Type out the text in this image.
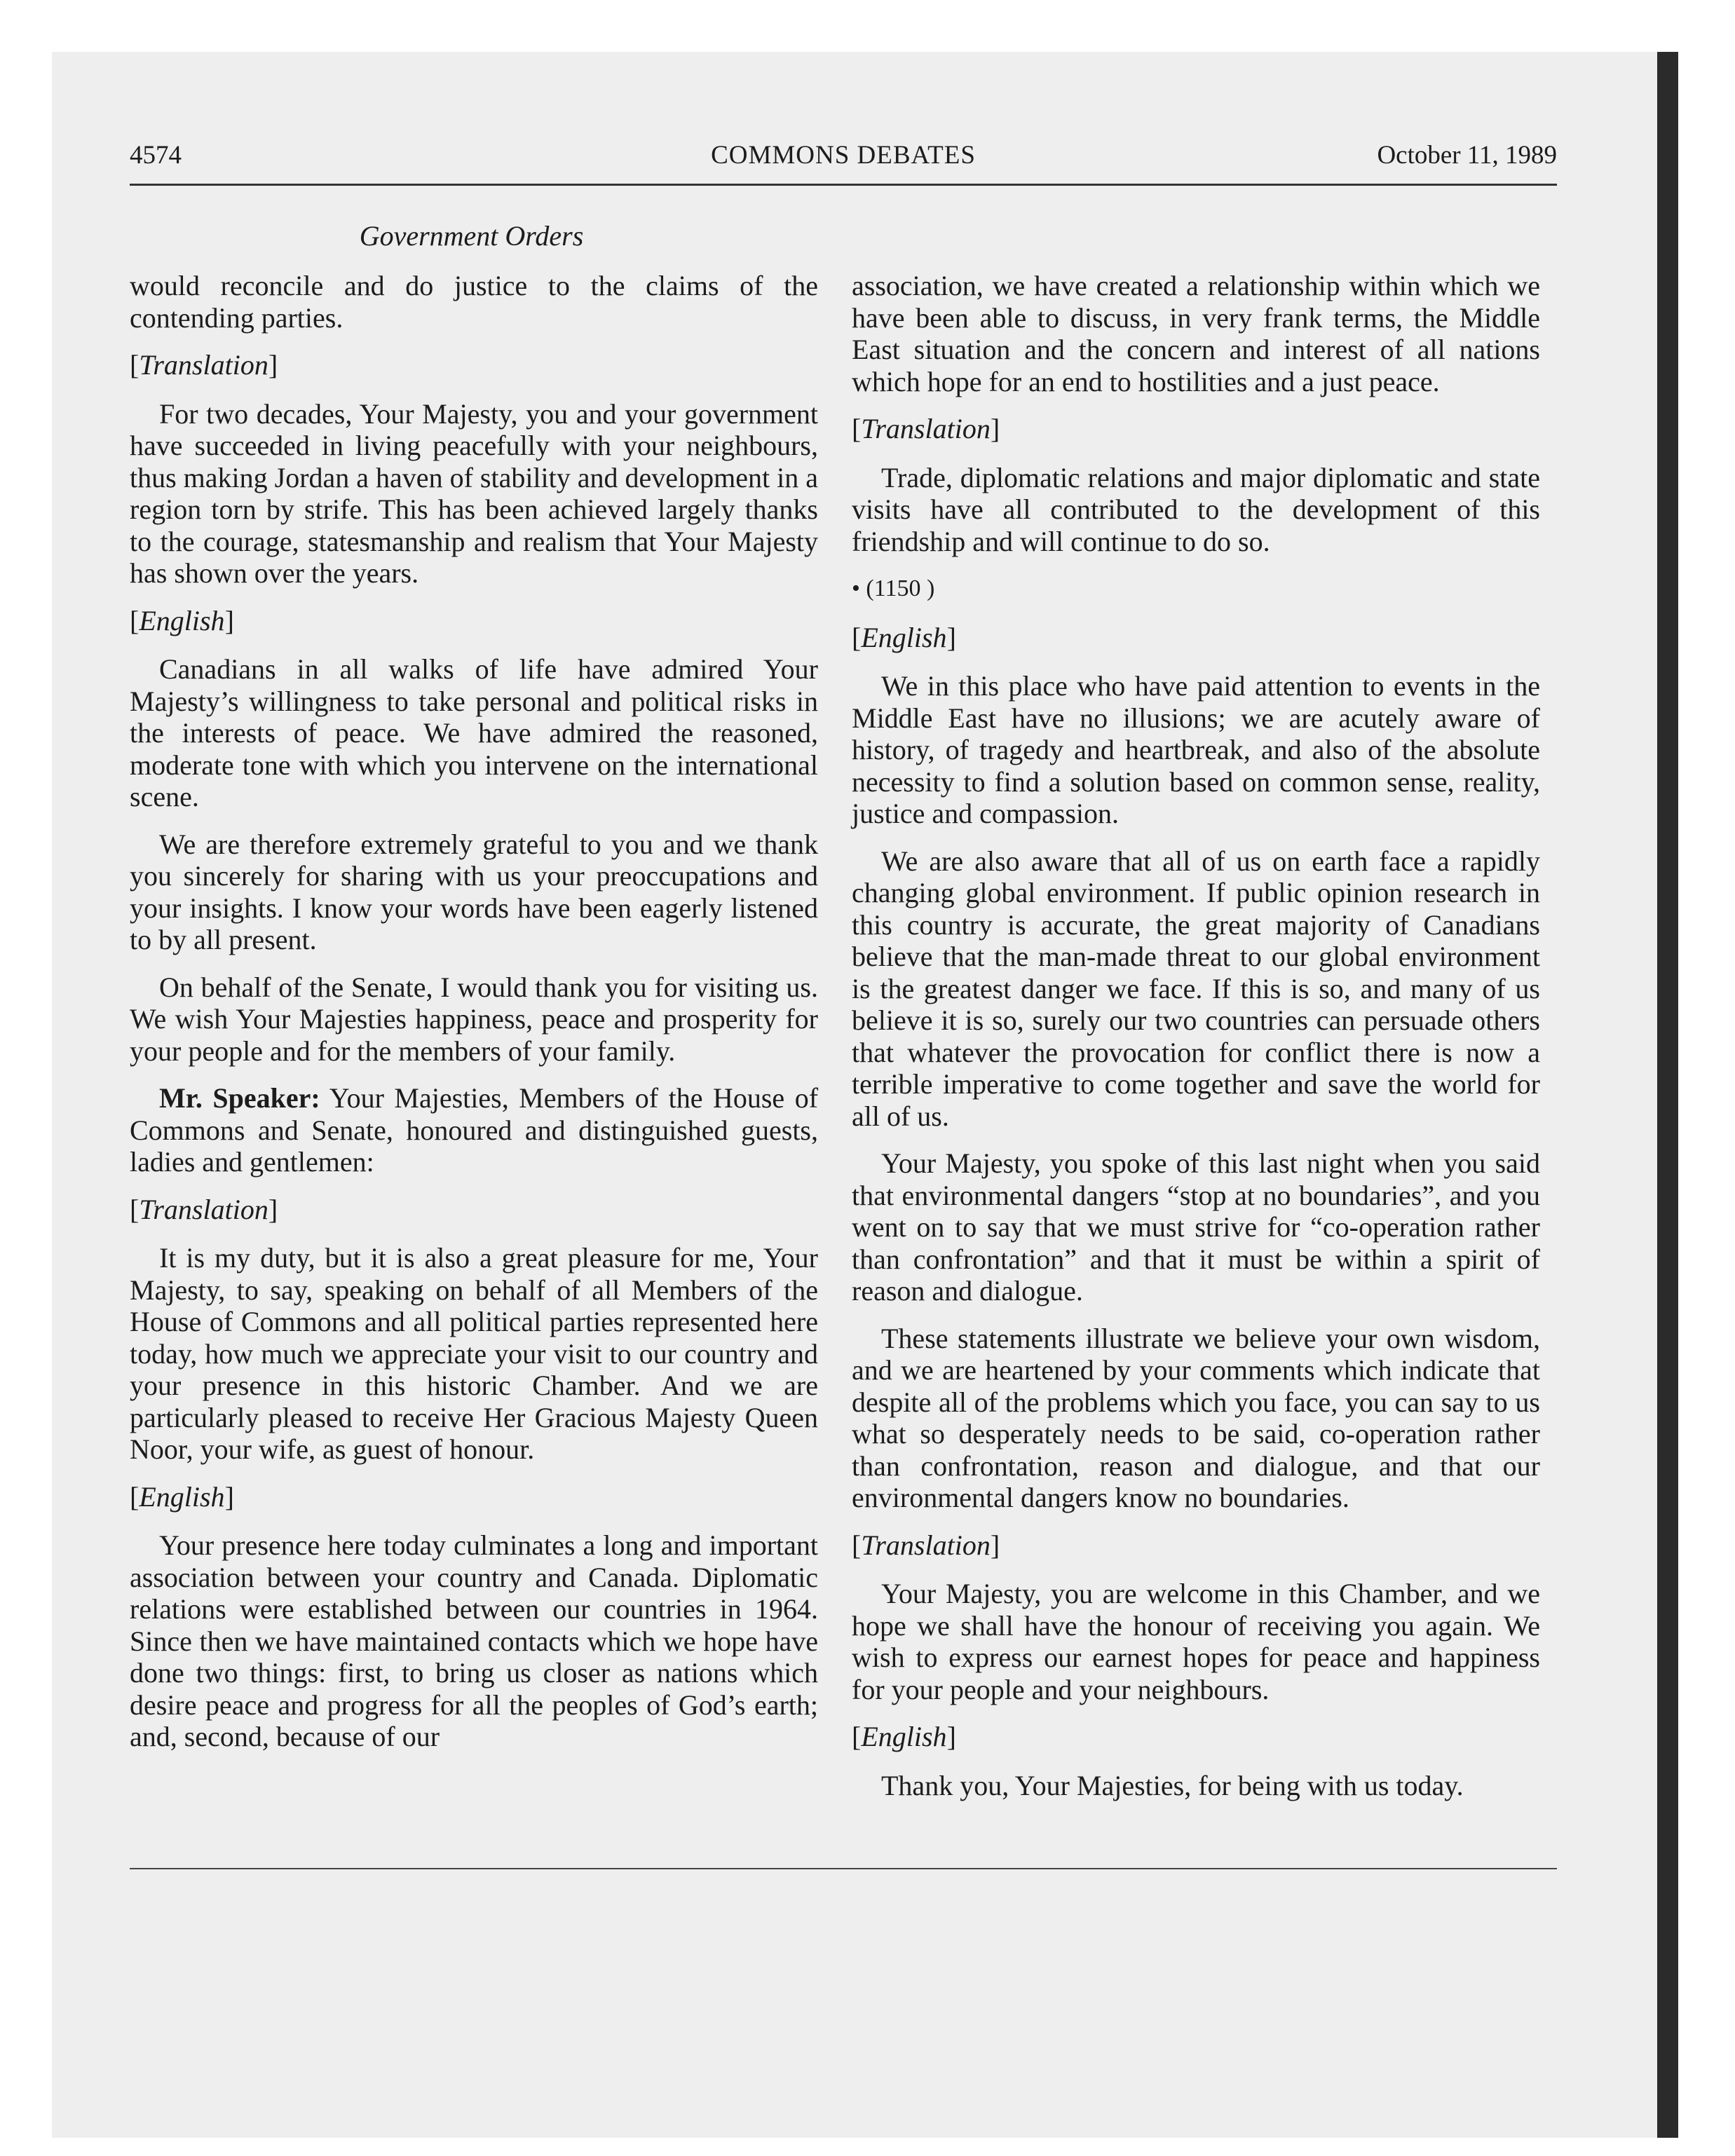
4574	COMMONS DEBATES	October 11, 1989
Government Orders

would reconcile and do justice to the claims of the contending parties.

[Translation]

For two decades, Your Majesty, you and your government have succeeded in living peacefully with your neighbours, thus making Jordan a haven of stability and development in a region torn by strife. This has been achieved largely thanks to the courage, statesmanship and realism that Your Majesty has shown over the years.

[English]

Canadians in all walks of life have admired Your Majesty’s willingness to take personal and political risks in the interests of peace. We have admired the reasoned, moderate tone with which you intervene on the international scene.

We are therefore extremely grateful to you and we thank you sincerely for sharing with us your preoccupations and your insights. I know your words have been eagerly listened to by all present.

On behalf of the Senate, I would thank you for visiting us. We wish Your Majesties happiness, peace and prosperity for your people and for the members of your family.

Mr. Speaker: Your Majesties, Members of the House of Commons and Senate, honoured and distinguished guests, ladies and gentlemen:

[Translation]

It is my duty, but it is also a great pleasure for me, Your Majesty, to say, speaking on behalf of all Members of the House of Commons and all political parties represented here today, how much we appreciate your visit to our country and your presence in this historic Chamber. And we are particularly pleased to receive Her Gracious Majesty Queen Noor, your wife, as guest of honour.

[English]

Your presence here today culminates a long and important association between your country and Canada. Diplomatic relations were established between our countries in 1964. Since then we have maintained contacts which we hope have done two things: first, to bring us closer as nations which desire peace and progress for all the peoples of God’s earth; and, second, because of our

association, we have created a relationship within which we have been able to discuss, in very frank terms, the Middle East situation and the concern and interest of all nations which hope for an end to hostilities and a just peace.

[Translation]

Trade, diplomatic relations and major diplomatic and state visits have all contributed to the development of this friendship and will continue to do so.

• (1150 )
[English]

We in this place who have paid attention to events in the Middle East have no illusions; we are acutely aware of history, of tragedy and heartbreak, and also of the absolute necessity to find a solution based on common sense, reality, justice and compassion.

We are also aware that all of us on earth face a rapidly changing global environment. If public opinion research in this country is accurate, the great majority of Canadians believe that the man-made threat to our global environment is the greatest danger we face. If this is so, and many of us believe it is so, surely our two countries can persuade others that whatever the provocation for conflict there is now a terrible imperative to come together and save the world for all of us.

Your Majesty, you spoke of this last night when you said that environmental dangers “stop at no boundaries”, and you went on to say that we must strive for “co-operation rather than confrontation” and that it must be within a spirit of reason and dialogue.

These statements illustrate we believe your own wisdom, and we are heartened by your comments which indicate that despite all of the problems which you face, you can say to us what so desperately needs to be said, co-operation rather than confrontation, reason and dialogue, and that our environmental dangers know no boundaries.

[Translation]

Your Majesty, you are welcome in this Chamber, and we hope we shall have the honour of receiving you again. We wish to express our earnest hopes for peace and happiness for your people and your neighbours.

[English]

Thank you, Your Majesties, for being with us today.
